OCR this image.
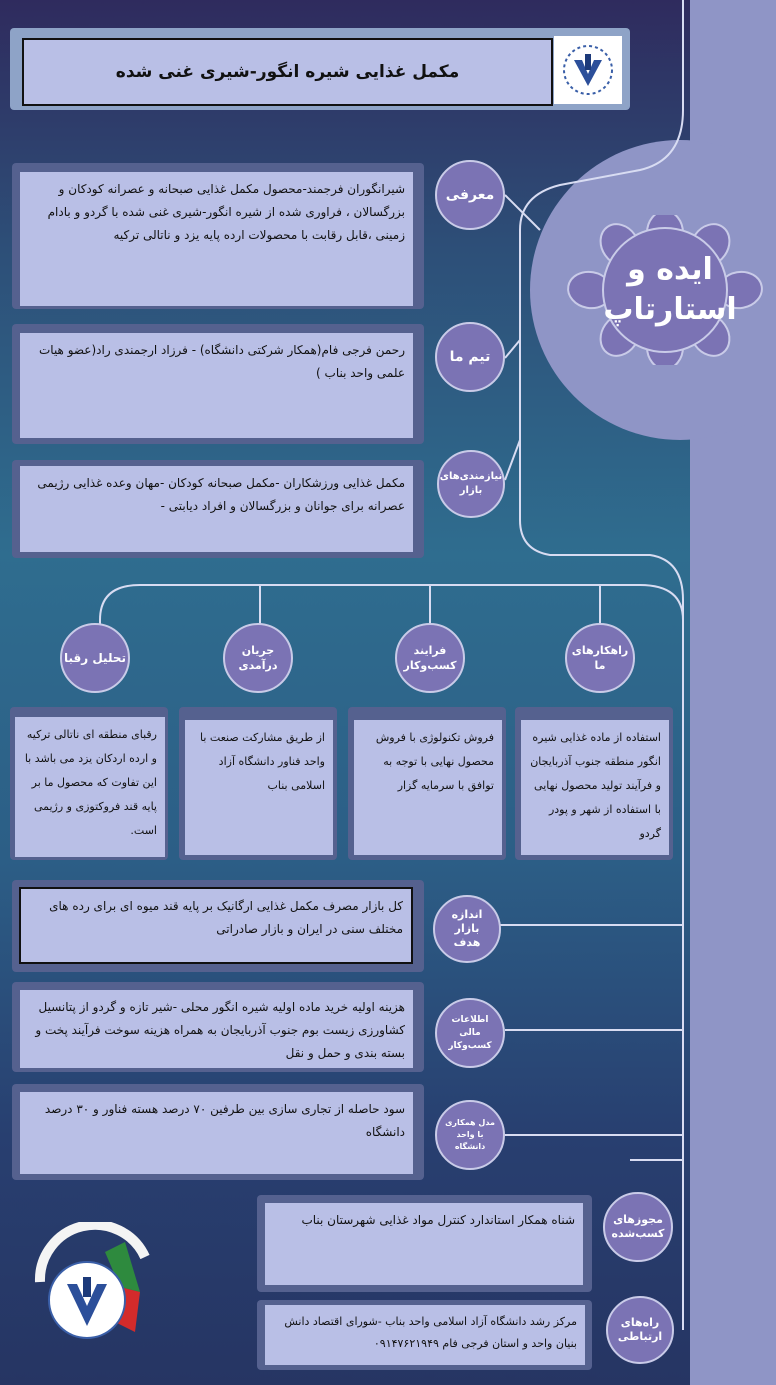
مکمل غذایی شیره انگور-شیری غنی شده
ایده و
استارتاپ
شیرانگوران فرجمند-محصول مکمل غذایی صبحانه و عصرانه کودکان و بزرگسالان ، فراوری شده از شیره انگور-شیری غنی شده با گردو و بادام زمینی ،قابل رقابت با محصولات ارده پایه یزد و ناتالی ترکیه
معرفی
رحمن فرجی فام(همکار شرکتی دانشگاه) - فرزاد ارجمندی راد(عضو هیات علمی واحد بناب )
تیم ما
مکمل غذایی ورزشکاران -مکمل صبحانه کودکان -مهان وعده غذایی رژیمی عصرانه برای جوانان و بزرگسالان و افراد دیابتی -
نیازمندی‌های بازار
تحلیل رقبا
جریان درآمدی
فرایند کسب‌وکار
راهکارهای ما
رقبای منطقه ای ناتالی ترکیه و ارده اردکان یزد می باشد با این تفاوت که محصول ما بر پایه قند فروکتوزی و رژیمی است.
از طریق مشارکت صنعت با واحد فناور دانشگاه آزاد اسلامی بناب
فروش تکنولوژی با فروش محصول نهایی با توجه به توافق با سرمایه گزار
استفاده از ماده غذایی شیره انگور منطقه جنوب آذربایجان و فرآیند تولید محصول نهایی با استفاده از شهر و پودر گردو
کل بازار مصرف مکمل غذایی ارگانیک بر پایه قند میوه ای برای رده های مختلف سنی در ایران و بازار صادراتی
اندازه بازار هدف
هزینه اولیه خرید ماده اولیه شیره انگور محلی -شیر تازه و گردو از پتانسیل کشاورزی زیست بوم جنوب آذربایجان به همراه هزینه سوخت فرآیند پخت و بسته بندی و حمل و نقل
اطلاعات مالی کسب‌وکار
سود حاصله از تجاری سازی بین طرفین ۷۰ درصد هسته فناور و ۳۰ درصد دانشگاه
مدل همکاری با واحد دانشگاه
شناه همکار استاندارد کنترل مواد غذایی شهرستان بناب	مجوزهای کسب‌شده
مرکز رشد دانشگاه آزاد اسلامی واحد بناب -شورای اقتصاد دانش بنیان واحد و استان فرجی فام ۰۹۱۴۷۶۲۱۹۴۹
راه‌های ارتباطی
